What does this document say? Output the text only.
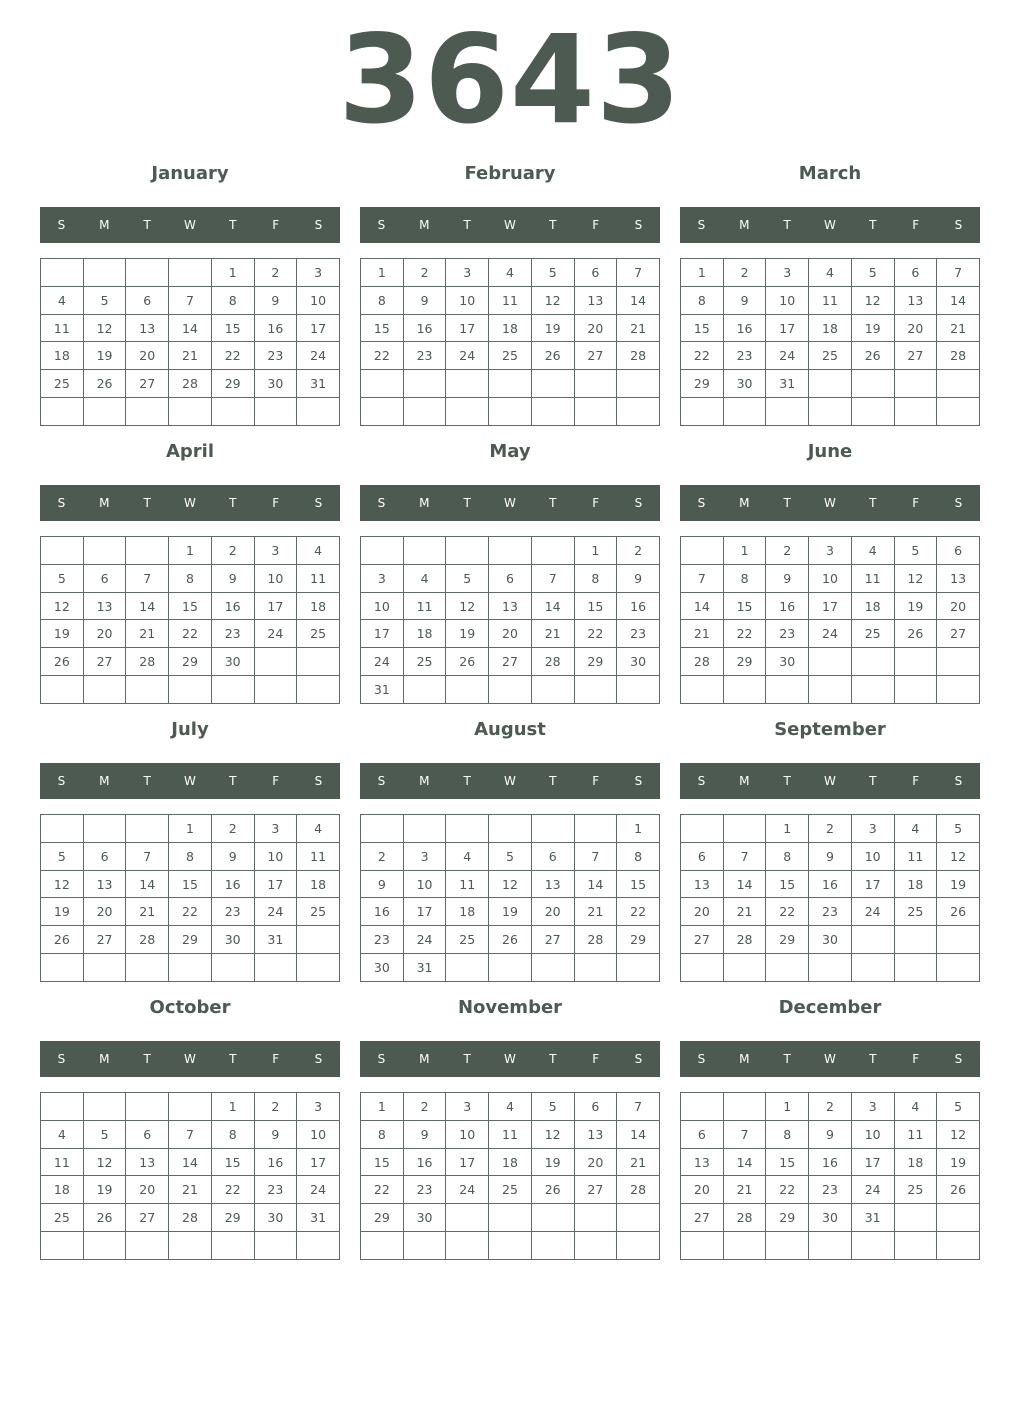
3643
January
S	M	T	W	T	F	S
				1	2	3
4	5	6	7	8	9	10
11	12	13	14	15	16	17
18	19	20	21	22	23	24
25	26	27	28	29	30	31

February
S	M	T	W	T	F	S
1	2	3	4	5	6	7
8	9	10	11	12	13	14
15	16	17	18	19	20	21
22	23	24	25	26	27	28

March
S	M	T	W	T	F	S
1	2	3	4	5	6	7
8	9	10	11	12	13	14
15	16	17	18	19	20	21
22	23	24	25	26	27	28
29	30	31				

April
S	M	T	W	T	F	S
			1	2	3	4
5	6	7	8	9	10	11
12	13	14	15	16	17	18
19	20	21	22	23	24	25
26	27	28	29	30		

May
S	M	T	W	T	F	S
					1	2
3	4	5	6	7	8	9
10	11	12	13	14	15	16
17	18	19	20	21	22	23
24	25	26	27	28	29	30
31						
June
S	M	T	W	T	F	S
	1	2	3	4	5	6
7	8	9	10	11	12	13
14	15	16	17	18	19	20
21	22	23	24	25	26	27
28	29	30				

July
S	M	T	W	T	F	S
			1	2	3	4
5	6	7	8	9	10	11
12	13	14	15	16	17	18
19	20	21	22	23	24	25
26	27	28	29	30	31	

August
S	M	T	W	T	F	S
						1
2	3	4	5	6	7	8
9	10	11	12	13	14	15
16	17	18	19	20	21	22
23	24	25	26	27	28	29
30	31					
September
S	M	T	W	T	F	S
		1	2	3	4	5
6	7	8	9	10	11	12
13	14	15	16	17	18	19
20	21	22	23	24	25	26
27	28	29	30			

October
S	M	T	W	T	F	S
				1	2	3
4	5	6	7	8	9	10
11	12	13	14	15	16	17
18	19	20	21	22	23	24
25	26	27	28	29	30	31

November
S	M	T	W	T	F	S
1	2	3	4	5	6	7
8	9	10	11	12	13	14
15	16	17	18	19	20	21
22	23	24	25	26	27	28
29	30					

December
S	M	T	W	T	F	S
		1	2	3	4	5
6	7	8	9	10	11	12
13	14	15	16	17	18	19
20	21	22	23	24	25	26
27	28	29	30	31		
